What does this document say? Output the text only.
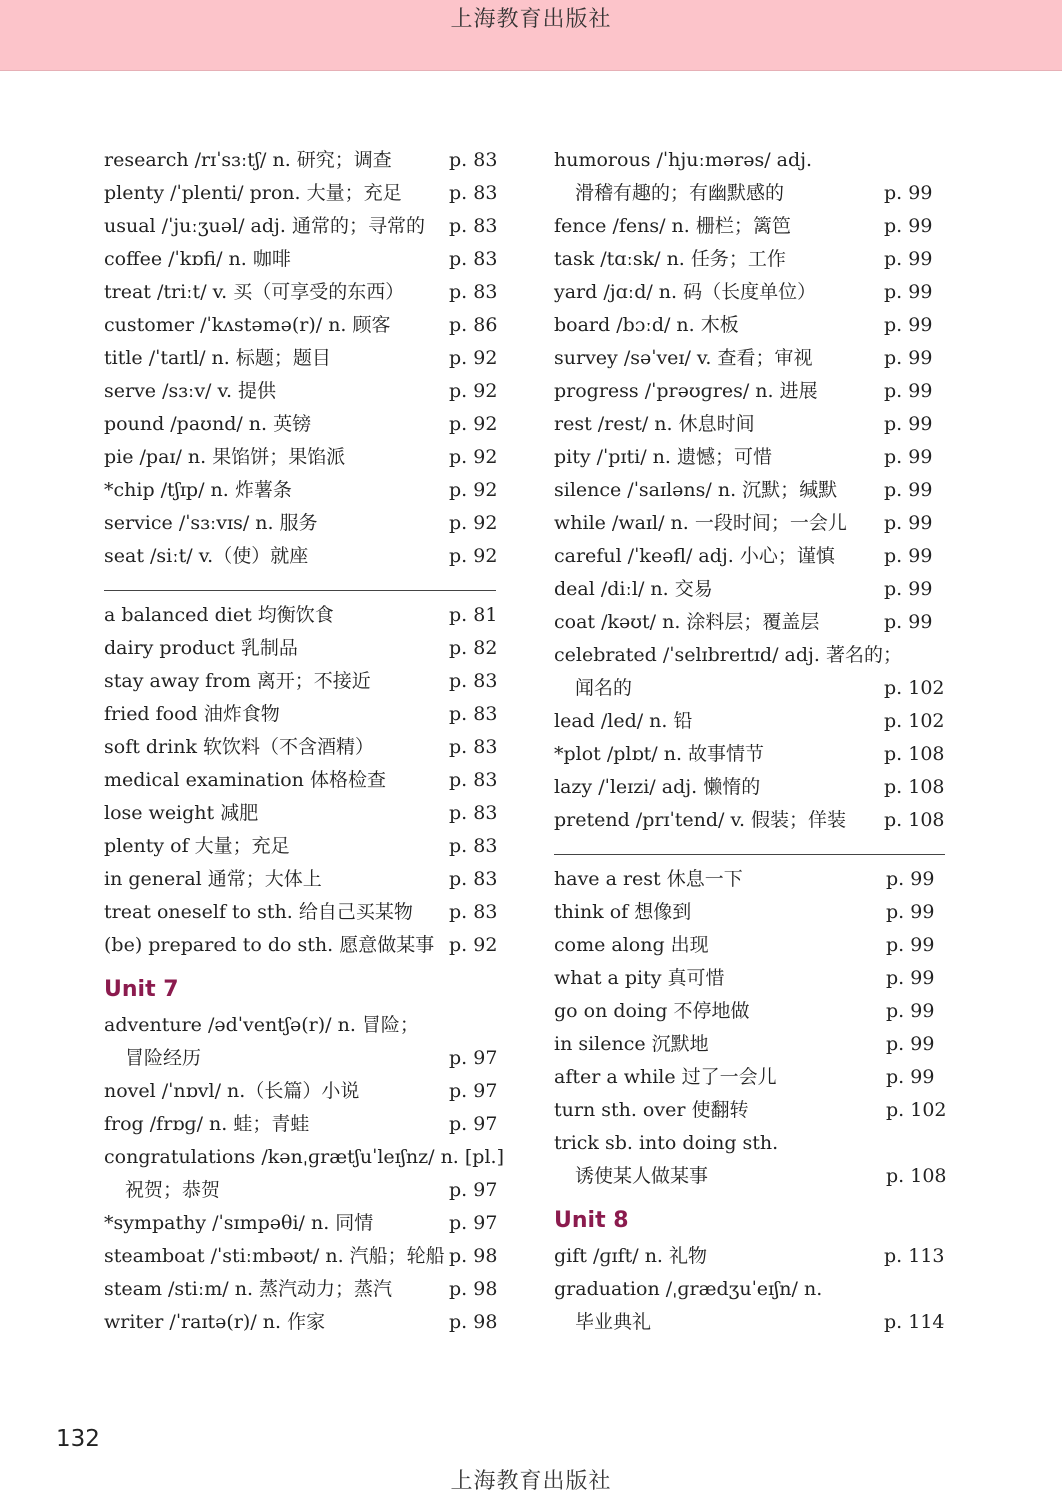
上海教育出版社
research /rɪˈsɜːtʃ/ n. 研究；调查	p. 83
plenty /ˈplenti/ pron. 大量；充足 p. 83
usual /ˈjuːʒuəl/ adj. 通常的；寻常的 p. 83
coffee /ˈkɒfi/ n. 咖啡	p. 83
treat /triːt/ v. 买（可享受的东西） p. 83
customer /ˈkʌstəmə(r)/ n. 顾客	p. 86
title /ˈtaɪtl/ n. 标题；题目	p. 92
serve /sɜːv/ v. 提供	p. 92
pound /paʊnd/ n. 英镑	p. 92
pie /paɪ/ n. 果馅饼；果馅派	p. 92
*chip /tʃɪp/ n. 炸薯条	p. 92
service /ˈsɜːvɪs/ n. 服务	p. 92
seat /siːt/ v.（使）就座	p. 92
a balanced diet 均衡饮食	p. 81
dairy product 乳制品	p. 82
stay away from 离开；不接近	p. 83
fried food 油炸食物	p. 83
soft drink 软饮料（不含酒精）	p. 83
medical examination 体格检查	p. 83
lose weight 减肥	p. 83
plenty of 大量；充足	p. 83
in general 通常；大体上	p. 83
treat oneself to sth. 给自己买某物 p. 83
(be) prepared to do sth. 愿意做某事 p. 92
Unit 7
adventure /ədˈventʃə(r)/ n. 冒险；
冒险经历	p. 97
novel /ˈnɒvl/ n.（长篇）小说	p. 97
frog /frɒɡ/ n. 蛙；青蛙	p. 97
congratulations /kənˌɡrætʃuˈleɪʃnz/ n. [pl.]
祝贺；恭贺	p. 97
*sympathy /ˈsɪmpəθi/ n. 同情	p. 97
steamboat /ˈstiːmbəʊt/ n. 汽船；轮船 p. 98
steam /stiːm/ n. 蒸汽动力；蒸汽	p. 98
writer /ˈraɪtə(r)/ n. 作家	p. 98
humorous /ˈhjuːmərəs/ adj.
滑稽有趣的；有幽默感的	p. 99
fence /fens/ n. 栅栏；篱笆	p. 99
task /tɑːsk/ n. 任务；工作	p. 99
yard /jɑːd/ n. 码（长度单位）	p. 99
board /bɔːd/ n. 木板	p. 99
survey /səˈveɪ/ v. 查看；审视	p. 99
progress /ˈprəʊɡres/ n. 进展	p. 99
rest /rest/ n. 休息时间	p. 99
pity /ˈpɪti/ n. 遗憾；可惜	p. 99
silence /ˈsaɪləns/ n. 沉默；缄默 p. 99
while /waɪl/ n. 一段时间；一会儿 p. 99
careful /ˈkeəfl/ adj. 小心；谨慎	p. 99
deal /diːl/ n. 交易	p. 99
coat /kəʊt/ n. 涂料层；覆盖层	p. 99
celebrated /ˈselɪbreɪtɪd/ adj. 著名的；
闻名的	p. 102
lead /led/ n. 铅	p. 102
*plot /plɒt/ n. 故事情节	p. 108
lazy /ˈleɪzi/ adj. 懒惰的	p. 108
pretend /prɪˈtend/ v. 假装；佯装 p. 108
have a rest 休息一下	p. 99
think of 想像到	p. 99
come along 出现	p. 99
what a pity 真可惜	p. 99
go on doing 不停地做	p. 99
in silence 沉默地	p. 99
after a while 过了一会儿	p. 99
turn sth. over 使翻转	p. 102
trick sb. into doing sth.
诱使某人做某事	p. 108
Unit 8
gift /ɡɪft/ n. 礼物	p. 113
graduation /ˌɡrædʒuˈeɪʃn/ n.
毕业典礼	p. 114
132
上海教育出版社
